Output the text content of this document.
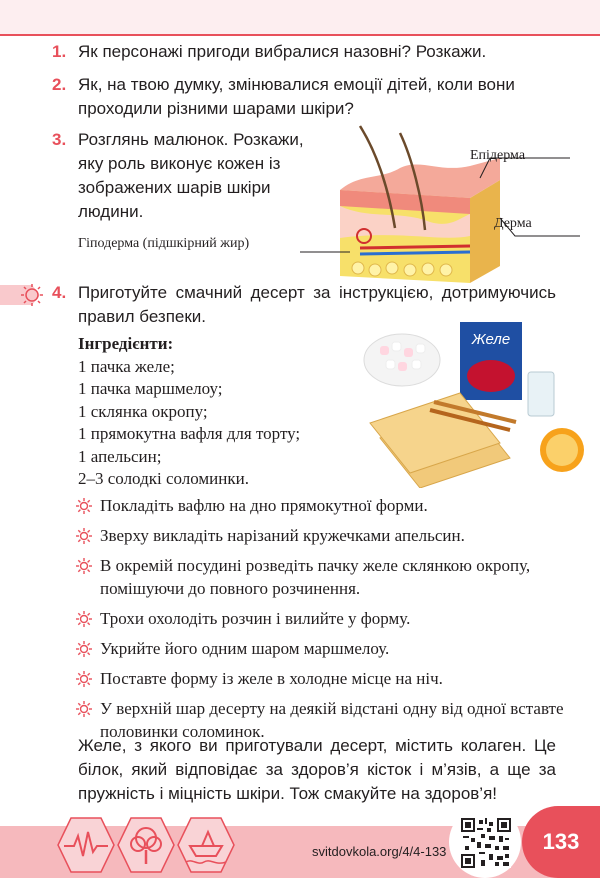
1. Як персонажі пригоди вибралися назовні? Розкажи.
2. Як, на твою думку, змінювалися емоції дітей, коли вони проходили різними шарами шкіри?
3. Розглянь малюнок. Розкажи, яку роль виконує кожен із зображених шарів шкіри людини.
Епідерма
Дерма
Гіподерма (підшкірний жир)
4. Приготуйте смачний десерт за інструкцією, дотримуючись правил безпеки.
Інгредієнти:
1 пачка желе;
1 пачка маршмелоу;
1 склянка окропу;
1 прямокутна вафля для торту;
1 апельсин;
2–3 солодкі соломинки.
Желе
Покладіть вафлю на дно прямокутної форми.
Зверху викладіть нарізаний кружечками апельсин.
В окремій посудині розведіть пачку желе склянкою окропу, помішуючи до повного розчинення.
Трохи охолодіть розчин і вилийте у форму.
Укрийте його одним шаром маршмелоу.
Поставте форму із желе в холодне місце на ніч.
У верхній шар десерту на деякій відстані одну від одної вставте половинки соломинок.
Желе, з якого ви приготували десерт, містить колаген. Це білок, який відповідає за здоров’я кісток і м’язів, а ще за пружність і міцність шкіри. Тож смакуйте на здоров’я!
svitdovkola.org/4/4-133	133
